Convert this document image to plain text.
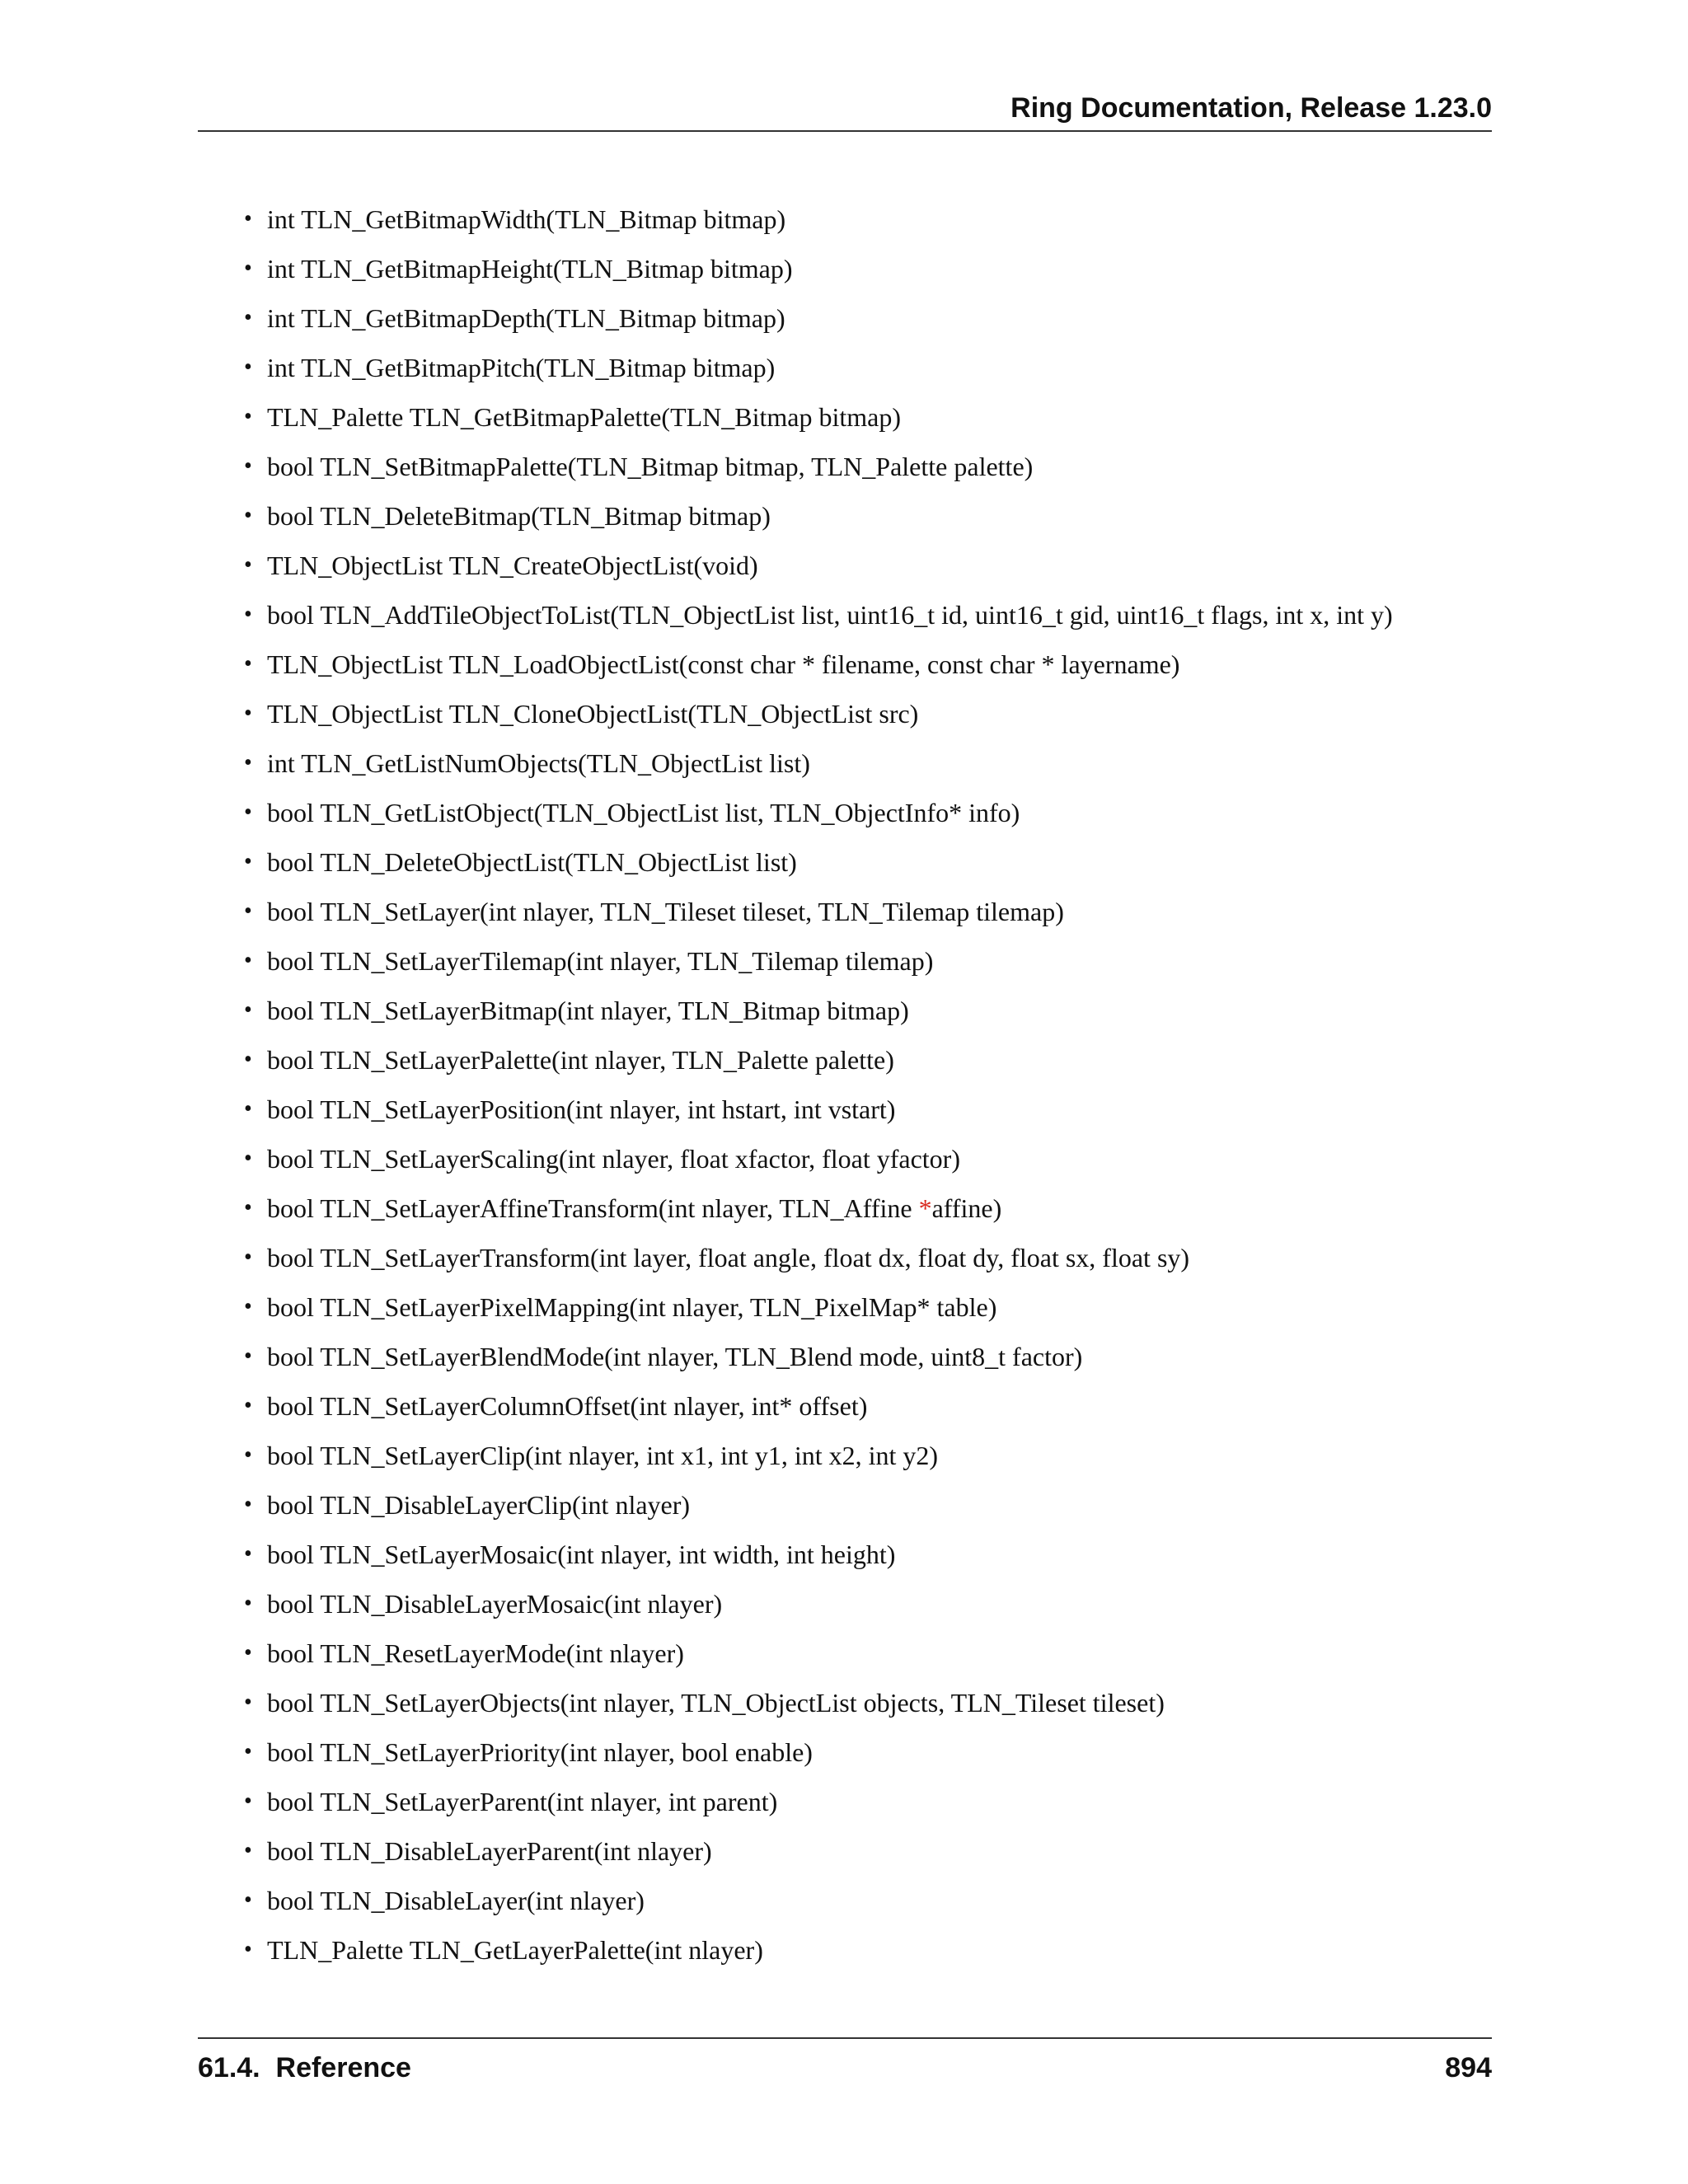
Ring Documentation, Release 1.23.0
• int TLN_GetBitmapWidth(TLN_Bitmap bitmap)
• int TLN_GetBitmapHeight(TLN_Bitmap bitmap)
• int TLN_GetBitmapDepth(TLN_Bitmap bitmap)
• int TLN_GetBitmapPitch(TLN_Bitmap bitmap)
• TLN_Palette TLN_GetBitmapPalette(TLN_Bitmap bitmap)
• bool TLN_SetBitmapPalette(TLN_Bitmap bitmap, TLN_Palette palette)
• bool TLN_DeleteBitmap(TLN_Bitmap bitmap)
• TLN_ObjectList TLN_CreateObjectList(void)
• bool TLN_AddTileObjectToList(TLN_ObjectList list, uint16_t id, uint16_t gid, uint16_t flags, int x, int y)
• TLN_ObjectList TLN_LoadObjectList(const char * filename, const char * layername)
• TLN_ObjectList TLN_CloneObjectList(TLN_ObjectList src)
• int TLN_GetListNumObjects(TLN_ObjectList list)
• bool TLN_GetListObject(TLN_ObjectList list, TLN_ObjectInfo* info)
• bool TLN_DeleteObjectList(TLN_ObjectList list)
• bool TLN_SetLayer(int nlayer, TLN_Tileset tileset, TLN_Tilemap tilemap)
• bool TLN_SetLayerTilemap(int nlayer, TLN_Tilemap tilemap)
• bool TLN_SetLayerBitmap(int nlayer, TLN_Bitmap bitmap)
• bool TLN_SetLayerPalette(int nlayer, TLN_Palette palette)
• bool TLN_SetLayerPosition(int nlayer, int hstart, int vstart)
• bool TLN_SetLayerScaling(int nlayer, float xfactor, float yfactor)
• bool TLN_SetLayerAffineTransform(int nlayer, TLN_Affine *affine)
• bool TLN_SetLayerTransform(int layer, float angle, float dx, float dy, float sx, float sy)
• bool TLN_SetLayerPixelMapping(int nlayer, TLN_PixelMap* table)
• bool TLN_SetLayerBlendMode(int nlayer, TLN_Blend mode, uint8_t factor)
• bool TLN_SetLayerColumnOffset(int nlayer, int* offset)
• bool TLN_SetLayerClip(int nlayer, int x1, int y1, int x2, int y2)
• bool TLN_DisableLayerClip(int nlayer)
• bool TLN_SetLayerMosaic(int nlayer, int width, int height)
• bool TLN_DisableLayerMosaic(int nlayer)
• bool TLN_ResetLayerMode(int nlayer)
• bool TLN_SetLayerObjects(int nlayer, TLN_ObjectList objects, TLN_Tileset tileset)
• bool TLN_SetLayerPriority(int nlayer, bool enable)
• bool TLN_SetLayerParent(int nlayer, int parent)
• bool TLN_DisableLayerParent(int nlayer)
• bool TLN_DisableLayer(int nlayer)
• TLN_Palette TLN_GetLayerPalette(int nlayer)
61.4.  Reference	894
